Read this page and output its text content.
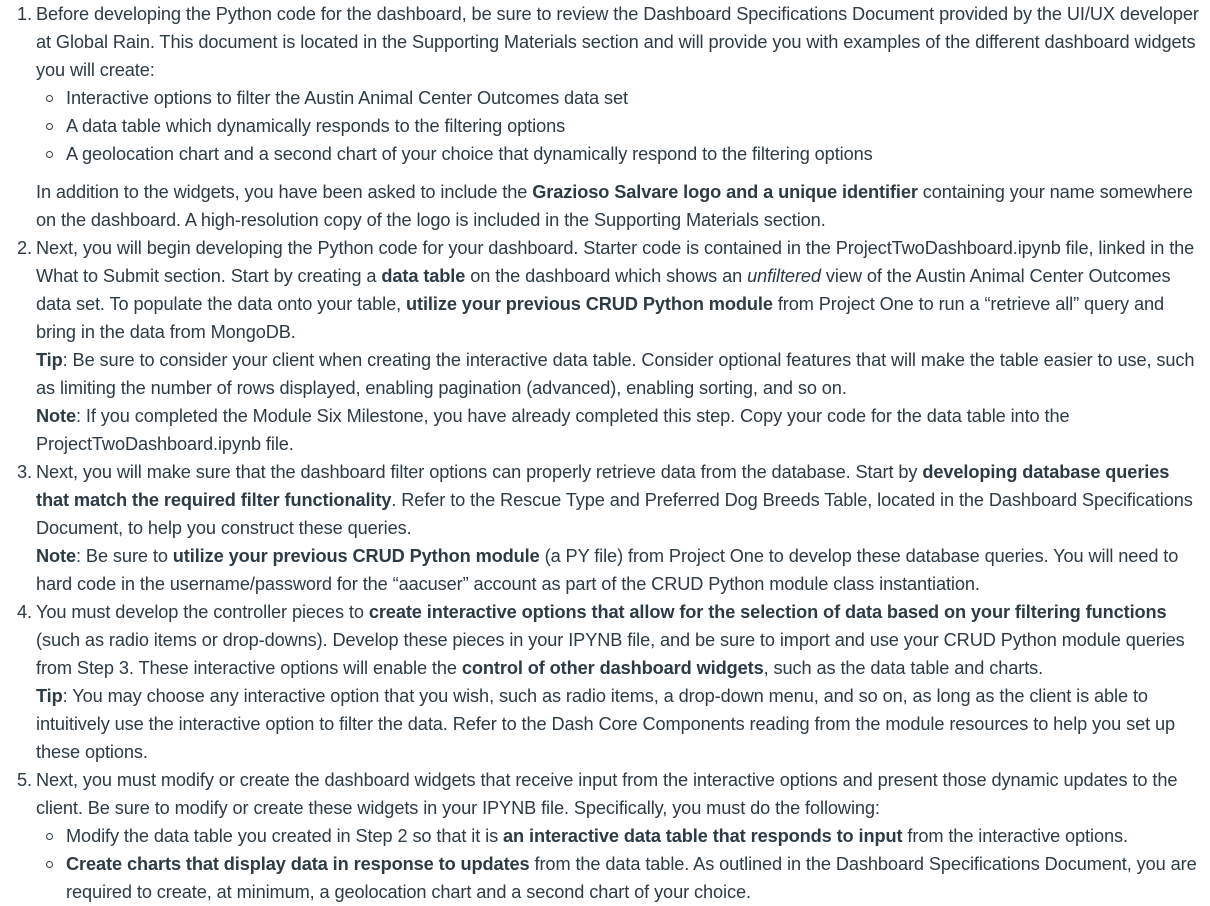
1. Before developing the Python code for the dashboard, be sure to review the Dashboard Specifications Document provided by the UI/UX developer at Global Rain. This document is located in the Supporting Materials section and will provide you with examples of the different dashboard widgets you will create:
Interactive options to filter the Austin Animal Center Outcomes data set
A data table which dynamically responds to the filtering options
A geolocation chart and a second chart of your choice that dynamically respond to the filtering options
In addition to the widgets, you have been asked to include the Grazioso Salvare logo and a unique identifier containing your name somewhere on the dashboard. A high-resolution copy of the logo is included in the Supporting Materials section.
2. Next, you will begin developing the Python code for your dashboard. Starter code is contained in the ProjectTwoDashboard.ipynb file, linked in the What to Submit section. Start by creating a data table on the dashboard which shows an unfiltered view of the Austin Animal Center Outcomes data set. To populate the data onto your table, utilize your previous CRUD Python module from Project One to run a “retrieve all” query and bring in the data from MongoDB.
Tip: Be sure to consider your client when creating the interactive data table. Consider optional features that will make the table easier to use, such as limiting the number of rows displayed, enabling pagination (advanced), enabling sorting, and so on.
Note: If you completed the Module Six Milestone, you have already completed this step. Copy your code for the data table into the ProjectTwoDashboard.ipynb file.
3. Next, you will make sure that the dashboard filter options can properly retrieve data from the database. Start by developing database queries that match the required filter functionality. Refer to the Rescue Type and Preferred Dog Breeds Table, located in the Dashboard Specifications Document, to help you construct these queries.
Note: Be sure to utilize your previous CRUD Python module (a PY file) from Project One to develop these database queries. You will need to hard code in the username/password for the “aacuser” account as part of the CRUD Python module class instantiation.
4. You must develop the controller pieces to create interactive options that allow for the selection of data based on your filtering functions (such as radio items or drop-downs). Develop these pieces in your IPYNB file, and be sure to import and use your CRUD Python module queries from Step 3. These interactive options will enable the control of other dashboard widgets, such as the data table and charts.
Tip: You may choose any interactive option that you wish, such as radio items, a drop-down menu, and so on, as long as the client is able to intuitively use the interactive option to filter the data. Refer to the Dash Core Components reading from the module resources to help you set up these options.
5. Next, you must modify or create the dashboard widgets that receive input from the interactive options and present those dynamic updates to the client. Be sure to modify or create these widgets in your IPYNB file. Specifically, you must do the following:
Modify the data table you created in Step 2 so that it is an interactive data table that responds to input from the interactive options.
Create charts that display data in response to updates from the data table. As outlined in the Dashboard Specifications Document, you are required to create, at minimum, a geolocation chart and a second chart of your choice.
